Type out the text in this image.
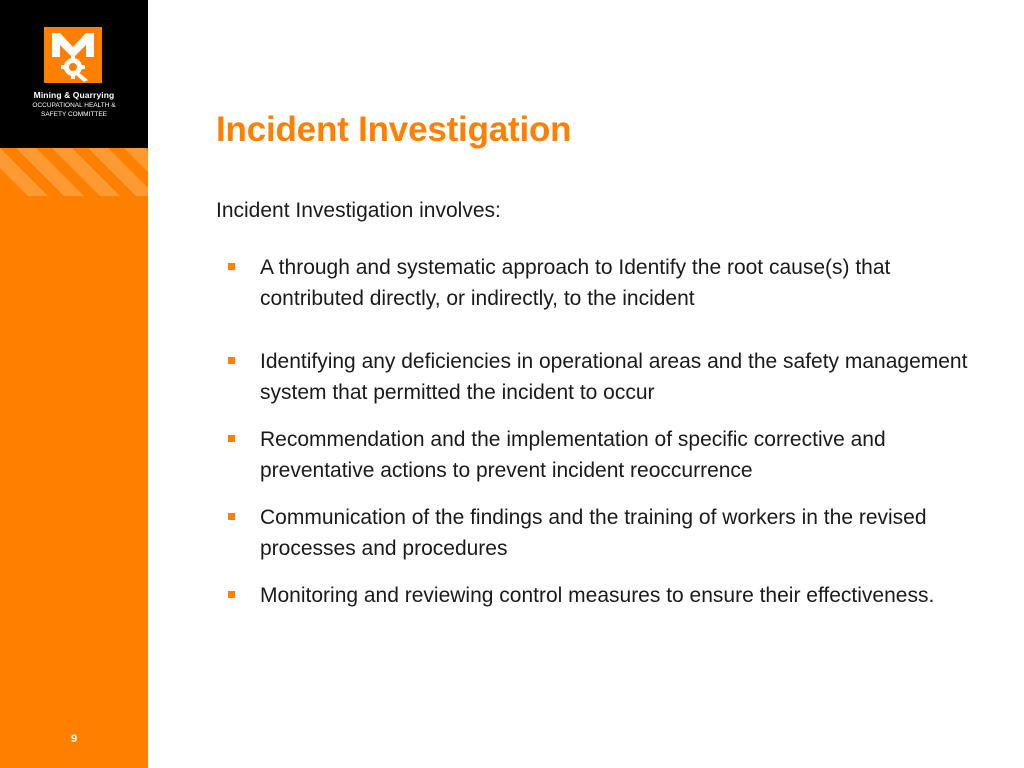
Mining & Quarrying
OCCUPATIONAL HEALTH &
SAFETY COMMITTEE
9
Incident Investigation
Incident Investigation involves:
A through and systematic approach to Identify the root cause(s) that contributed directly, or indirectly, to the incident
Identifying any deficiencies in operational areas and the safety management system that permitted the incident to occur
Recommendation and the implementation of specific corrective and preventative actions to prevent incident reoccurrence
Communication of the findings and the training of workers in the revised processes and procedures
Monitoring and reviewing control measures to ensure their effectiveness.
